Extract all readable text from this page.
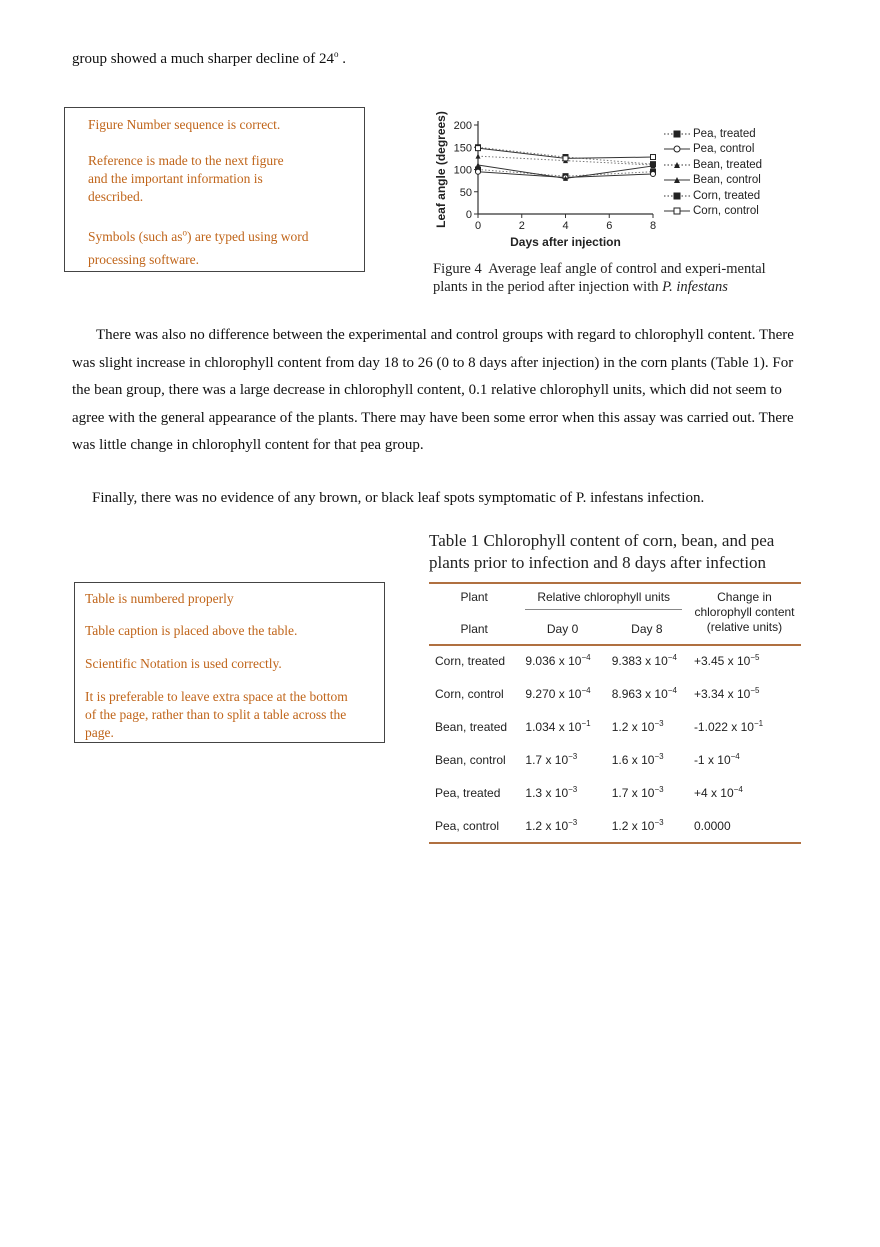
group showed a much sharper decline of 24$^o$ .

Figure Number sequence is correct.

Reference is made to the next figure and the important information is described.

Symbols (such $as^o$) are typed using word processing software.

0
50
100
150
200
0	2	4	6	8
Days after injection
Leaf angle (degrees)	Pea, treated
Pea, control
Bean, treated
Bean, control
Corn, treated
Corn, control
Figure 4 Average leaf angle of control and experi-mental plants in the period after injection with P. infestans
There was also no difference between the experimental and control groups with regard to chlorophyll content. There was slight increase in chlorophyll content from day 18 to 26 (0 to 8 days after injection) in the corn plants (Table 1). For the bean group, there was a large decrease in chlorophyll content, 0.1 relative chlorophyll units, which did not seem to agree with the general appearance of the plants. There may have been some error when this assay was carried out. There was little change in chlorophyll content for that pea group.
Finally, there was no evidence of any brown, or black leaf spots symptomatic of P. infestans infection.

Table is numbered properly

Table caption is placed above the table.

Scientific Notation is used correctly.

It is preferable to leave extra space at the bottom of the page, rather than to split a table across the page.

Table 1 Chlorophyll content of corn, bean, and pea plants prior to infection and 8 days after infection
Plant	Relative chlorophyll units		Change in chlorophyll content
(relative units)

Plant	Day 0	Day 8	
Corn, treated	9.036 x $10^{-4}$	9.383 x $10^{-4}$	+3.45 x $10^{-5}$
Corn, control	9.270 x $10^{-4}$	8.963 x $10^{-4}$	+3.34 x $10^{-5}$
Bean, treated	1.034 x $10^{-1}$	1.2 x $10^{-3}$	-1.022 x $10^{-1}$
Bean, control	1.7 x $10^{-3}$	1.6 x $10^{-3}$	-1 x $10^{-4}$
Pea, treated	1.3 x $10^{-3}$	1.7 x $10^{-3}$	+4 x $10^{-4}$
Pea, control	1.2 x $10^{-3}$	1.2 x $10^{-3}$	0.0000
